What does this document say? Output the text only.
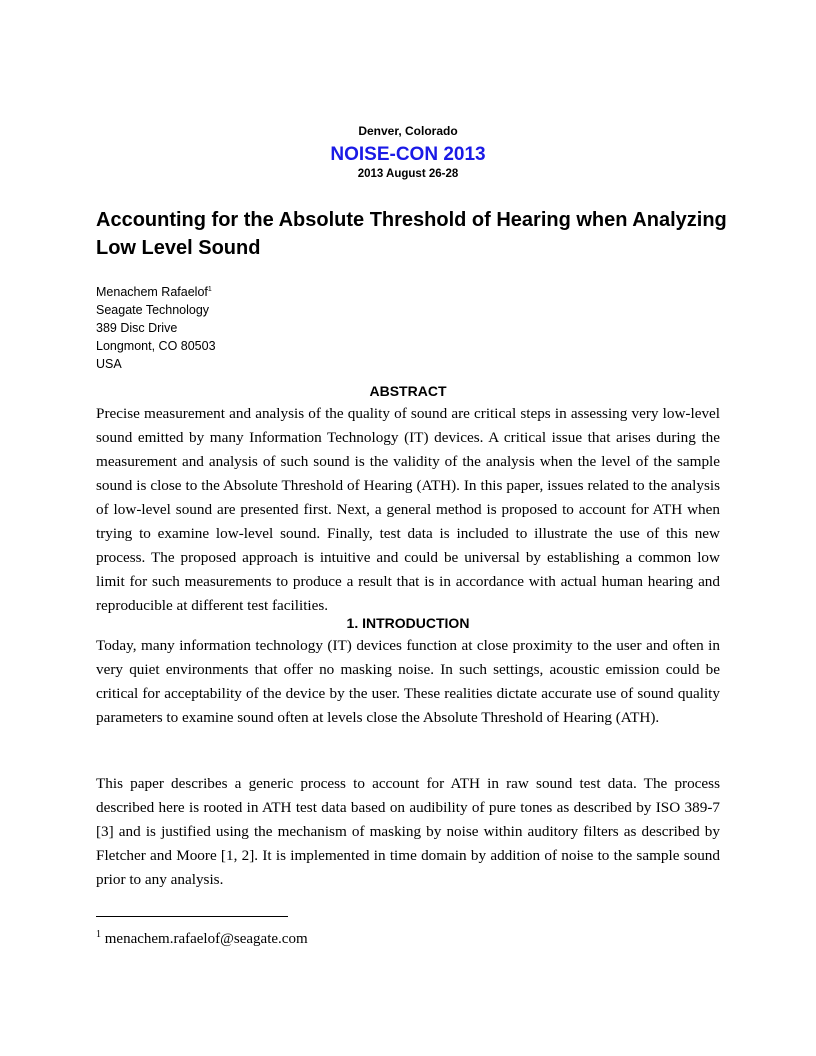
Denver, Colorado
NOISE-CON 2013
2013 August 26-28
Accounting for the Absolute Threshold of Hearing when Analyzing Low Level Sound
Menachem Rafaelof$^1$
Seagate Technology
389 Disc Drive
Longmont, CO 80503
USA
ABSTRACT

Precise measurement and analysis of the quality of sound are critical steps in assessing very low-level sound emitted by many Information Technology (IT) devices. A critical issue that arises during the measurement and analysis of such sound is the validity of the analysis when the level of the sample sound is close to the Absolute Threshold of Hearing (ATH). In this paper, issues related to the analysis of low-level sound are presented first. Next, a general method is proposed to account for ATH when trying to examine low-level sound. Finally, test data is included to illustrate the use of this new process. The proposed approach is intuitive and could be universal by establishing a common low limit for such measurements to produce a result that is in accordance with actual human hearing and reproducible at different test facilities.

1. INTRODUCTION

Today, many information technology (IT) devices function at close proximity to the user and often in very quiet environments that offer no masking noise. In such settings, acoustic emission could be critical for acceptability of the device by the user. These realities dictate accurate use of sound quality parameters to examine sound often at levels close the Absolute Threshold of Hearing (ATH).

This paper describes a generic process to account for ATH in raw sound test data. The process described here is rooted in ATH test data based on audibility of pure tones as described by ISO 389-7 [3] and is justified using the mechanism of masking by noise within auditory filters as described by Fletcher and Moore [1, 2]. It is implemented in time domain by addition of noise to the sample sound prior to any analysis.

$^1$ menachem.rafaelof@seagate.com
